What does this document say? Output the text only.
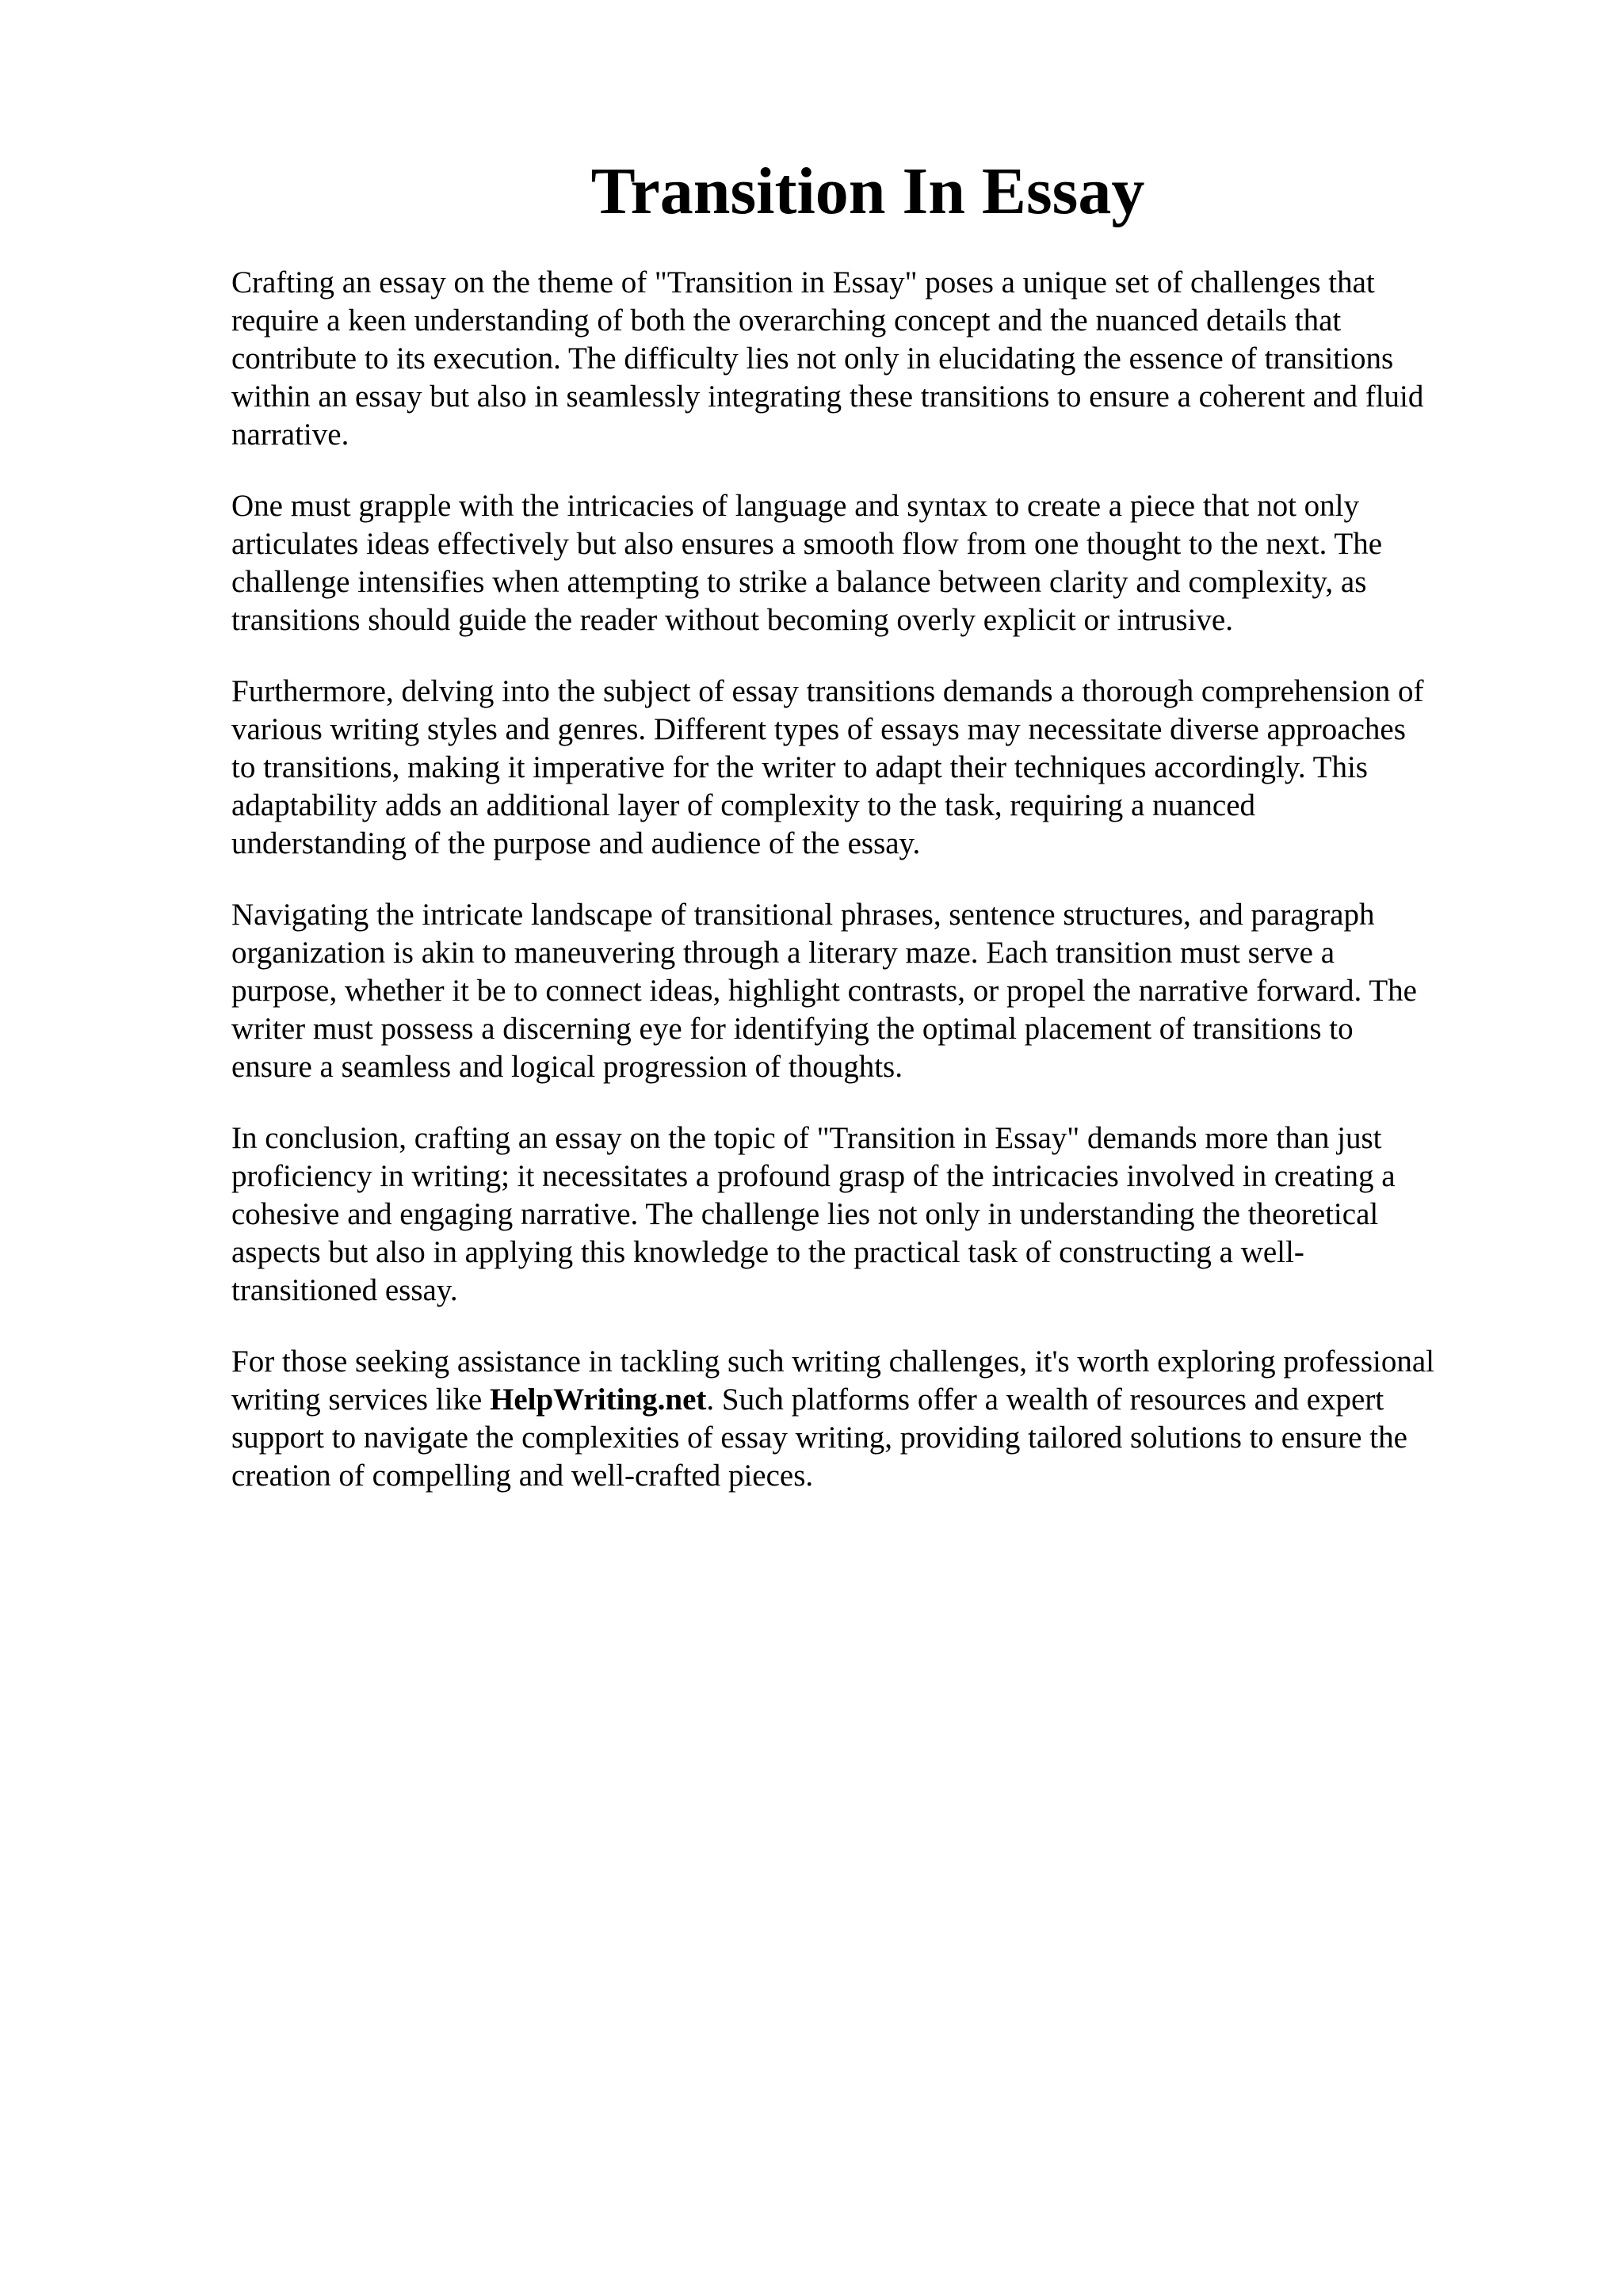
Transition In Essay

Crafting an essay on the theme of "Transition in Essay" poses a unique set of challenges that
require a keen understanding of both the overarching concept and the nuanced details that
contribute to its execution. The difficulty lies not only in elucidating the essence of transitions
within an essay but also in seamlessly integrating these transitions to ensure a coherent and fluid
narrative.

One must grapple with the intricacies of language and syntax to create a piece that not only
articulates ideas effectively but also ensures a smooth flow from one thought to the next. The
challenge intensifies when attempting to strike a balance between clarity and complexity, as
transitions should guide the reader without becoming overly explicit or intrusive.

Furthermore, delving into the subject of essay transitions demands a thorough comprehension of
various writing styles and genres. Different types of essays may necessitate diverse approaches
to transitions, making it imperative for the writer to adapt their techniques accordingly. This
adaptability adds an additional layer of complexity to the task, requiring a nuanced
understanding of the purpose and audience of the essay.

Navigating the intricate landscape of transitional phrases, sentence structures, and paragraph
organization is akin to maneuvering through a literary maze. Each transition must serve a
purpose, whether it be to connect ideas, highlight contrasts, or propel the narrative forward. The
writer must possess a discerning eye for identifying the optimal placement of transitions to
ensure a seamless and logical progression of thoughts.

In conclusion, crafting an essay on the topic of "Transition in Essay" demands more than just
proficiency in writing; it necessitates a profound grasp of the intricacies involved in creating a
cohesive and engaging narrative. The challenge lies not only in understanding the theoretical
aspects but also in applying this knowledge to the practical task of constructing a well-
transitioned essay.

For those seeking assistance in tackling such writing challenges, it's worth exploring professional
writing services like HelpWriting.net. Such platforms offer a wealth of resources and expert
support to navigate the complexities of essay writing, providing tailored solutions to ensure the
creation of compelling and well-crafted pieces.
